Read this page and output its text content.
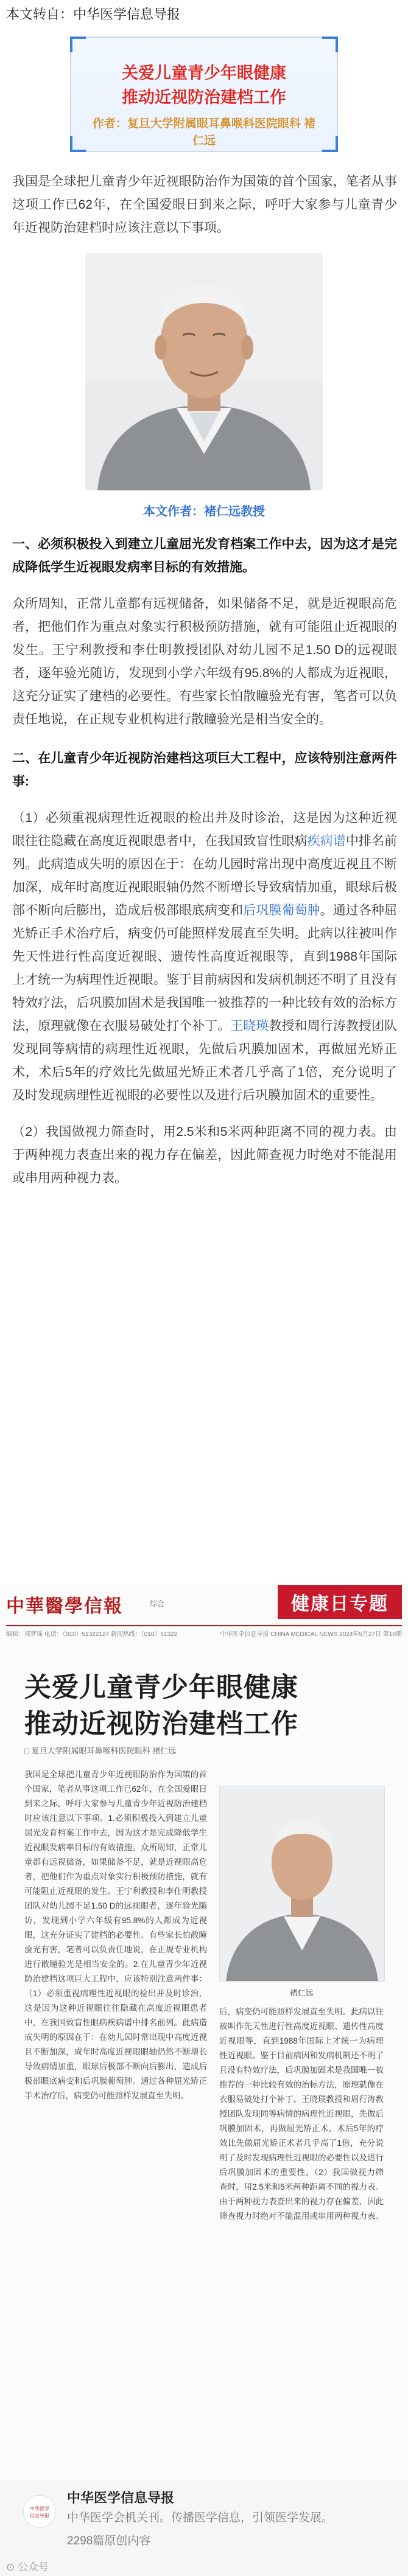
本文转自：中华医学信息导报
关爱儿童青少年眼健康
推动近视防治建档工作
作者：复旦大学附属眼耳鼻喉科医院眼科 褚仁远
我国是全球把儿童青少年近视眼防治作为国策的首个国家，笔者从事这项工作已62年，在全国爱眼日到来之际，呼吁大家参与儿童青少年近视防治建档时应该注意以下事项。
本文作者：褚仁远教授
一、必须积极投入到建立儿童屈光发育档案工作中去，因为这才是完成降低学生近视眼发病率目标的有效措施。
众所周知，正常儿童都有远视储备，如果储备不足，就是近视眼高危者，把他们作为重点对象实行积极预防措施，就有可能阻止近视眼的发生。王宁利教授和李仕明教授团队对幼儿园不足1.50 D的远视眼者，逐年验光随访，发现到小学六年级有95.8%的人都成为近视眼，这充分证实了建档的必要性。有些家长怕散瞳验光有害，笔者可以负责任地说，在正规专业机构进行散瞳验光是相当安全的。
二、在儿童青少年近视防治建档这项巨大工程中，应该特别注意两件事:
（1）必须重视病理性近视眼的检出并及时诊治，这是因为这种近视眼往往隐藏在高度近视眼患者中，在我国致盲性眼病疾病谱中排名前列。此病造成失明的原因在于：在幼儿园时常出现中高度近视且不断加深，成年时高度近视眼眼轴仍然不断增长导致病情加重，眼球后极部不断向后膨出，造成后极部眼底病变和后巩膜葡萄肿。通过各种屈光矫正手术治疗后，病变仍可能照样发展直至失明。此病以往被叫作先天性进行性高度近视眼、遗传性高度近视眼等，直到1988年国际上才统一为病理性近视眼。鉴于目前病因和发病机制还不明了且没有特效疗法，后巩膜加固术是我国唯一被推荐的一种比较有效的治标方法，原理就像在衣服易破处打个补丁。王晓瑛教授和周行涛教授团队发现同等病情的病理性近视眼，先做后巩膜加固术，再做屈光矫正术，术后5年的疗效比先做屈光矫正术者几乎高了1倍，充分说明了及时发现病理性近视眼的必要性以及进行后巩膜加固术的重要性。
（2）我国做视力筛查时，用2.5米和5米两种距离不同的视力表。由于两种视力表查出来的视力存在偏差，因此筛查视力时绝对不能混用或串用两种视力表。
中華醫學信報	综合	健康日专题
编辑：郑梦瑶 电话：（010）51322127 新闻热线：（010）51322	中华医学信息导报 CHINA MEDICAL NEWS 2024年5月27日 第10期
关爱儿童青少年眼健康
推动近视防治建档工作
□ 复旦大学附属眼耳鼻喉科医院眼科 褚仁远
我国是全球把儿童青少年近视眼防治作为国策的首个国家，笔者从事这项工作已62年，在全国爱眼日到来之际，呼吁大家参与儿童青少年近视防治建档时应该注意以下事项。1.必须积极投入到建立儿童屈光发育档案工作中去，因为这才是完成降低学生近视眼发病率目标的有效措施。众所周知，正常儿童都有远视储备，如果储备不足，就是近视眼高危者，把他们作为重点对象实行积极预防措施，就有可能阻止近视眼的发生。王宁利教授和李仕明教授团队对幼儿园不足1.50 D的远视眼者，逐年验光随访，发现到小学六年级有95.8%的人都成为近视眼，这充分证实了建档的必要性。有些家长怕散瞳验光有害，笔者可以负责任地说，在正规专业机构进行散瞳验光是相当安全的。2.在儿童青少年近视防治建档这项巨大工程中，应该特别注意两件事：（1）必须重视病理性近视眼的检出并及时诊治，这是因为这种近视眼往往隐藏在高度近视眼患者中，在我国致盲性眼病疾病谱中排名前列。此病造成失明的原因在于：在幼儿园时常出现中高度近视且不断加深，成年时高度近视眼眼轴仍然不断增长导致病情加重，眼球后极部不断向后膨出，造成后极部眼底病变和后巩膜葡萄肿。通过各种屈光矫正手术治疗后，病变仍可能照样发展直至失明。
褚仁远
后，病变仍可能照样发展直至失明。此病以往被叫作先天性进行性高度近视眼、遗传性高度近视眼等，直到1988年国际上才统一为病理性近视眼。鉴于目前病因和发病机制还不明了且没有特效疗法，后巩膜加固术是我国唯一被推荐的一种比较有效的治标方法，原理就像在衣服易破处打个补丁。王晓瑛教授和周行涛教授团队发现同等病情的病理性近视眼，先做后巩膜加固术，再做屈光矫正术，术后5年的疗效比先做屈光矫正术者几乎高了1倍，充分说明了及时发现病理性近视眼的必要性以及进行后巩膜加固术的重要性。（2）我国做视力筛查时，用2.5米和5米两种距离不同的视力表。由于两种视力表查出来的视力存在偏差，因此筛查视力时绝对不能混用或串用两种视力表。
中华医学
信息导报
中华医学信息导报
中华医学会机关刊。传播医学信息，引领医学发展。
2298篇原创内容
⊙ 公众号
